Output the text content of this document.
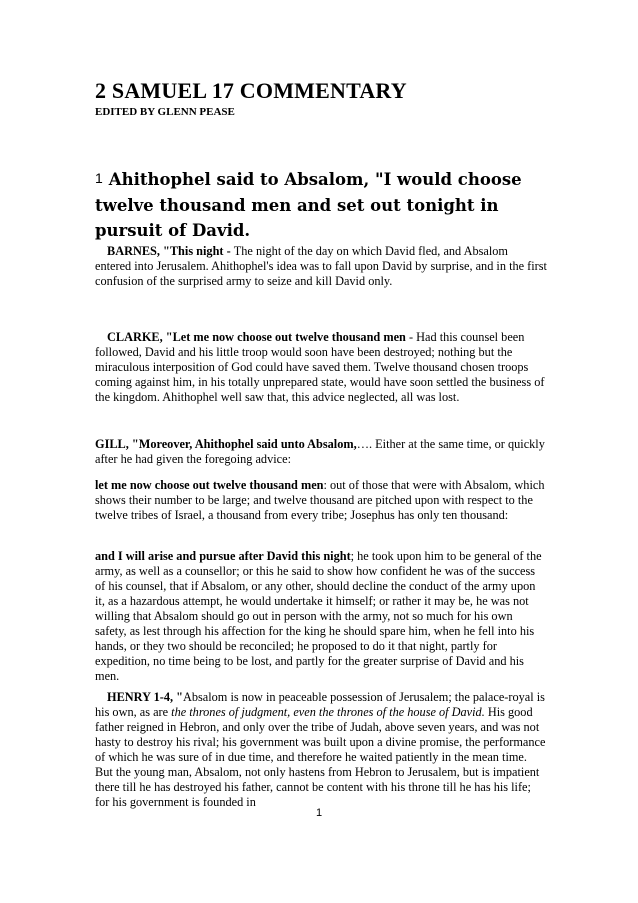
2 SAMUEL 17 COMMENTARY
EDITED BY GLENN PEASE

1 Ahithophel said to Absalom, "I would choose twelve thousand men and set out tonight in pursuit of David.

BARNES, "This night - The night of the day on which David fled, and Absalom entered into Jerusalem. Ahithophel's idea was to fall upon David by surprise, and in the first confusion of the surprised army to seize and kill David only.

CLARKE, "Let me now choose out twelve thousand men - Had this counsel been followed, David and his little troop would soon have been destroyed; nothing but the miraculous interposition of God could have saved them. Twelve thousand chosen troops coming against him, in his totally unprepared state, would have soon settled the business of the kingdom. Ahithophel well saw that, this advice neglected, all was lost.

GILL, "Moreover, Ahithophel said unto Absalom,…. Either at the same time, or quickly after he had given the foregoing advice:

let me now choose out twelve thousand men: out of those that were with Absalom, which shows their number to be large; and twelve thousand are pitched upon with respect to the twelve tribes of Israel, a thousand from every tribe; Josephus has only ten thousand:

and I will arise and pursue after David this night; he took upon him to be general of the army, as well as a counsellor; or this he said to show how confident he was of the success of his counsel, that if Absalom, or any other, should decline the conduct of the army upon it, as a hazardous attempt, he would undertake it himself; or rather it may be, he was not willing that Absalom should go out in person with the army, not so much for his own safety, as lest through his affection for the king he should spare him, when he fell into his hands, or they two should be reconciled; he proposed to do it that night, partly for expedition, no time being to be lost, and partly for the greater surprise of David and his men.

HENRY 1-4, "Absalom is now in peaceable possession of Jerusalem; the palace-royal is his own, as are the thrones of judgment, even the thrones of the house of David. His good father reigned in Hebron, and only over the tribe of Judah, above seven years, and was not hasty to destroy his rival; his government was built upon a divine promise, the performance of which he was sure of in due time, and therefore he waited patiently in the mean time. But the young man, Absalom, not only hastens from Hebron to Jerusalem, but is impatient there till he has destroyed his father, cannot be content with his throne till he has his life; for his government is founded in

1
